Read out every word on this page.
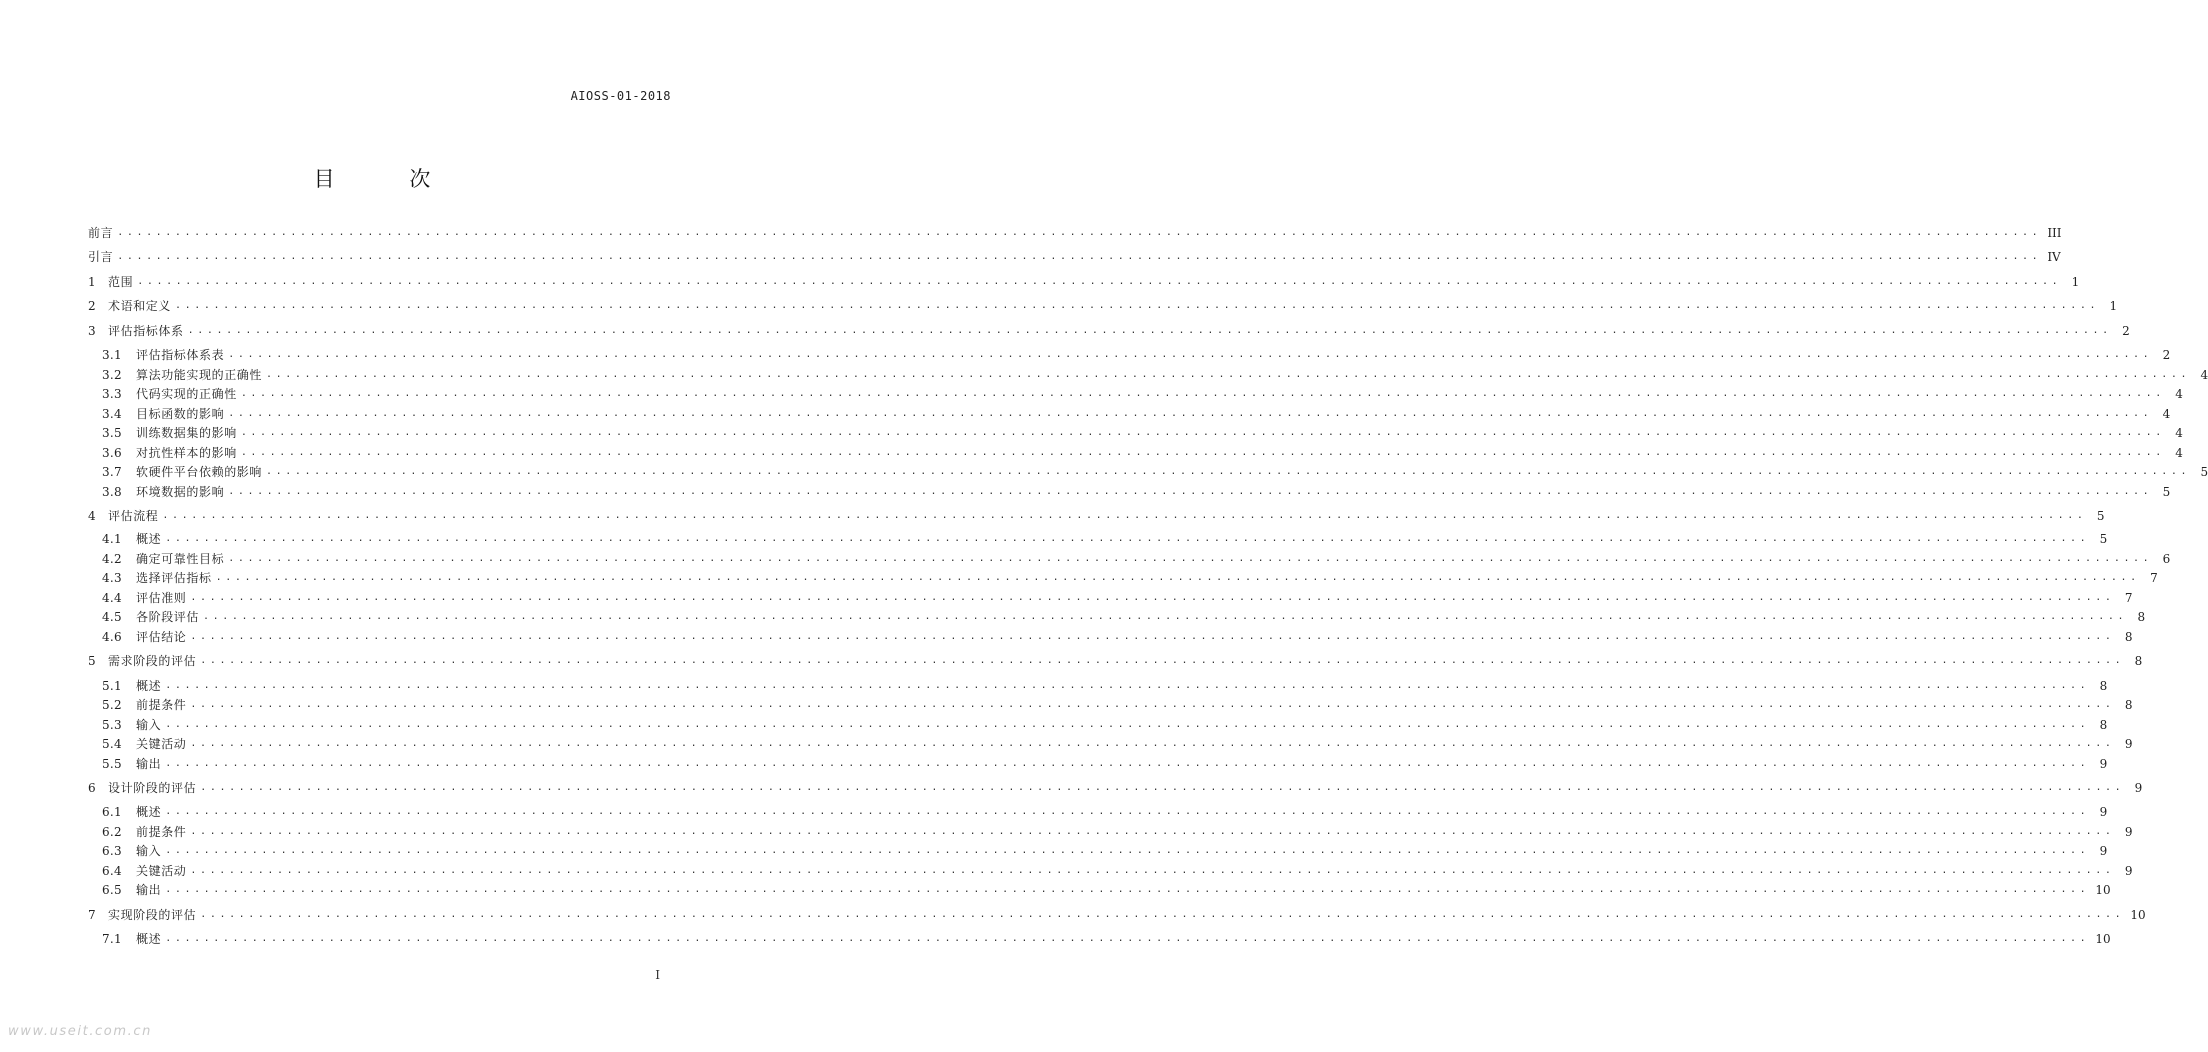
AIOSS-01-2018
目 次
前言 ........................................................................................................................................................................................................ III
引言 ........................................................................................................................................................................................................ IV
1	范围 ........................................................................................................................................................................................................ 1
2	术语和定义 ........................................................................................................................................................................................................ 1
3	评估指标体系 ........................................................................................................................................................................................................ 2
3.1	评估指标体系表 ........................................................................................................................................................................................................ 2
3.2	算法功能实现的正确性 ........................................................................................................................................................................................................ 4
3.3	代码实现的正确性 ........................................................................................................................................................................................................ 4
3.4	目标函数的影响 ........................................................................................................................................................................................................ 4
3.5	训练数据集的影响 ........................................................................................................................................................................................................ 4
3.6	对抗性样本的影响 ........................................................................................................................................................................................................ 4
3.7	软硬件平台依赖的影响 ........................................................................................................................................................................................................ 5
3.8	环境数据的影响 ........................................................................................................................................................................................................ 5
4	评估流程 ........................................................................................................................................................................................................ 5
4.1	概述 ........................................................................................................................................................................................................ 5
4.2	确定可靠性目标 ........................................................................................................................................................................................................ 6
4.3	选择评估指标 ........................................................................................................................................................................................................ 7
4.4	评估准则 ........................................................................................................................................................................................................ 7
4.5	各阶段评估 ........................................................................................................................................................................................................ 8
4.6	评估结论 ........................................................................................................................................................................................................ 8
5	需求阶段的评估 ........................................................................................................................................................................................................ 8
5.1	概述 ........................................................................................................................................................................................................ 8
5.2	前提条件 ........................................................................................................................................................................................................ 8
5.3	输入 ........................................................................................................................................................................................................ 8
5.4	关键活动 ........................................................................................................................................................................................................ 9
5.5	输出 ........................................................................................................................................................................................................ 9
6	设计阶段的评估 ........................................................................................................................................................................................................ 9
6.1	概述 ........................................................................................................................................................................................................ 9
6.2	前提条件 ........................................................................................................................................................................................................ 9
6.3	输入 ........................................................................................................................................................................................................ 9
6.4	关键活动 ........................................................................................................................................................................................................ 9
6.5	输出 ........................................................................................................................................................................................................ 10
7	实现阶段的评估 ........................................................................................................................................................................................................ 10
7.1	概述 ........................................................................................................................................................................................................ 10
I
www.useit.com.cn
